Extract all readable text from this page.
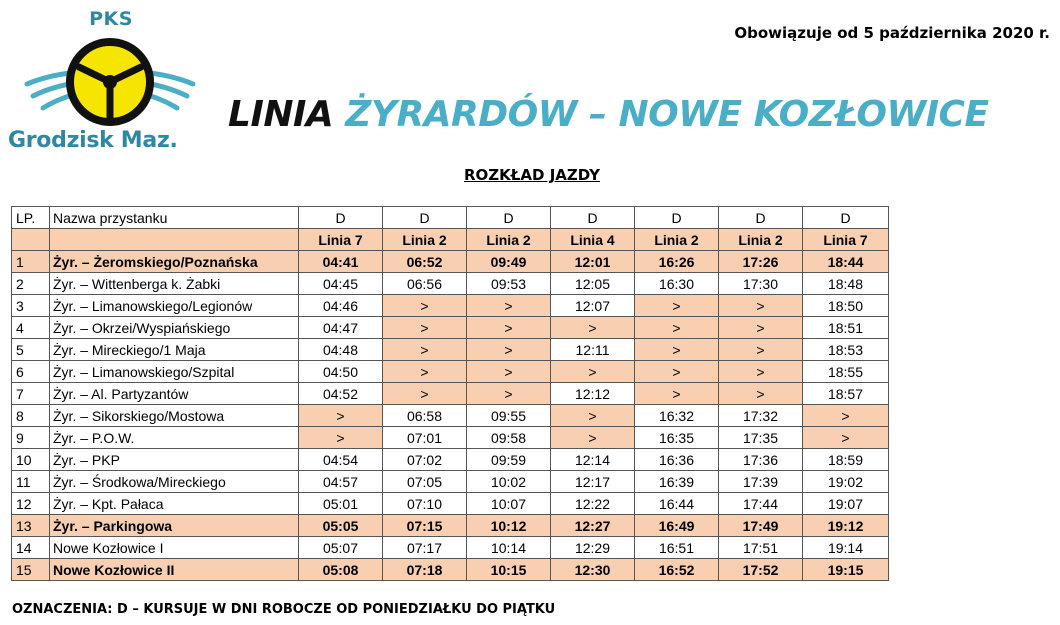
PKS
Grodzisk Maz.
Obowiązuje od 5 października 2020 r.
LINIA ŻYRARDÓW – NOWE KOZŁOWICE
ROZKŁAD JAZDY
LP.	Nazwa przystanku	D	D	D	D	D	D	D
		Linia 7	Linia 2	Linia 2	Linia 4	Linia 2	Linia 2	Linia 7
1	Żyr. – Żeromskiego/Poznańska	04:41	06:52	09:49	12:01	16:26	17:26	18:44
2	Żyr. – Wittenberga k. Żabki	04:45	06:56	09:53	12:05	16:30	17:30	18:48
3	Żyr. – Limanowskiego/Legionów	04:46	>	>	12:07	>	>	18:50
4	Żyr. – Okrzei/Wyspiańskiego	04:47	>	>	>	>	>	18:51
5	Żyr. – Mireckiego/1 Maja	04:48	>	>	12:11	>	>	18:53
6	Żyr. – Limanowskiego/Szpital	04:50	>	>	>	>	>	18:55
7	Żyr. – Al. Partyzantów	04:52	>	>	12:12	>	>	18:57
8	Żyr. – Sikorskiego/Mostowa	>	06:58	09:55	>	16:32	17:32	>
9	Żyr. – P.O.W.	>	07:01	09:58	>	16:35	17:35	>
10	Żyr. – PKP	04:54	07:02	09:59	12:14	16:36	17:36	18:59
11	Żyr. – Środkowa/Mireckiego	04:57	07:05	10:02	12:17	16:39	17:39	19:02
12	Żyr. – Kpt. Pałaca	05:01	07:10	10:07	12:22	16:44	17:44	19:07
13	Żyr. – Parkingowa	05:05	07:15	10:12	12:27	16:49	17:49	19:12
14	Nowe Kozłowice I	05:07	07:17	10:14	12:29	16:51	17:51	19:14
15	Nowe Kozłowice II	05:08	07:18	10:15	12:30	16:52	17:52	19:15
OZNACZENIA: D – KURSUJE W DNI ROBOCZE OD PONIEDZIAŁKU DO PIĄTKU
